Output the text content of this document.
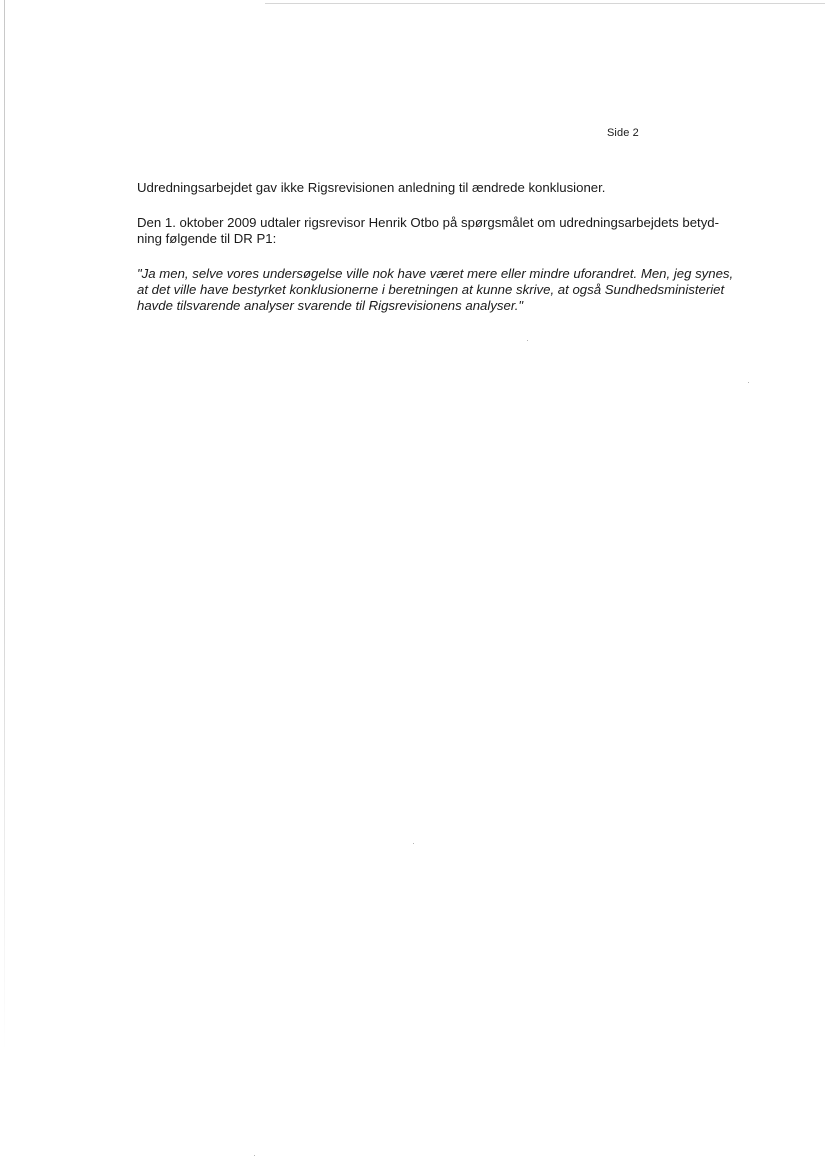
Side 2
Udredningsarbejdet gav ikke Rigsrevisionen anledning til ændrede konklusioner.
Den 1. oktober 2009 udtaler rigsrevisor Henrik Otbo på spørgsmålet om udredningsarbejdets betyd-
ning følgende til DR P1:
"Ja men, selve vores undersøgelse ville nok have været mere eller mindre uforandret. Men, jeg synes,
at det ville have bestyrket konklusionerne i beretningen at kunne skrive, at også Sundhedsministeriet
havde tilsvarende analyser svarende til Rigsrevisionens analyser."
